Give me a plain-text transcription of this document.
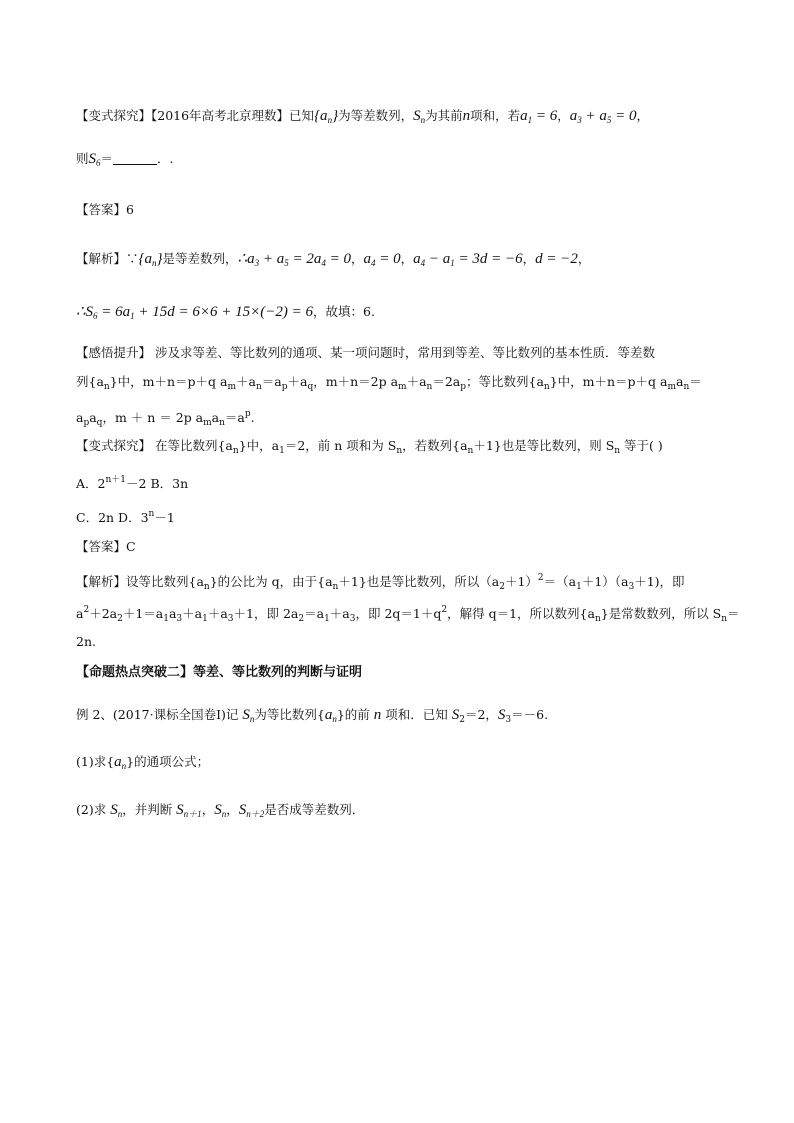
【变式探究】【2016年高考北京理数】已知$\{a_n\}$为等差数列，$S_n$为其前n项和，若$a_1 = 6$，$a_3 + a_5 = 0$，
则$S_6=$	．.
【答案】6
【解析】$\because\{a_n\}$是等差数列，$\therefore a_3 + a_5 = 2a_4 = 0$，$a_4 = 0$，$a_4 - a_1 = 3d = -6$，d = −2，
$\therefore S_6 = 6a_1 + 15d = 6\times 6 + 15\times(-2) = 6$，故填：6.
【感悟提升】 涉及求等差、等比数列的通项、某一项问题时，常用到等差、等比数列的基本性质．等差数
列$\{a_n\}$中，m＋n＝p＋q $a_m+a_n=a_p+a_q$，m＋n＝2p $a_m+a_n=2a_p$；等比数列$\{a_n\}$中，m＋n＝p＋q $a_ma_n=$
$a_pa_q$，m ＋ n ＝ 2p $a_ma_n=a^p$.
【变式探究】 在等比数列$\{a_n\}$中，$a_1=2$，前 n 项和为 $S_n$，若数列$\{a_n+1\}$也是等比数列，则 $S_n$ 等于( )
A．$2^{n+1}-2$ B．3n
C．2n D．$3^n-1$
【答案】C
【解析】设等比数列$\{a_n\}$的公比为 q，由于$\{a_n+1\}$也是等比数列，所以$(a_2+1)^2=(a_1+1)(a_3+1)$，即
$a^2+2a_2+1=a_1a_3+a_1+a_3+1$，即 $2a_2=a_1+a_3$，即 $2q=1+q^2$，解得 q＝1，所以数列$\{a_n\}$是常数数列，所以 $S_n=$
2n.
【命题热点突破二】等差、等比数列的判断与证明
例 2、(2017·课标全国卷Ⅰ)记 $S_n$为等比数列$\{a_n\}$的前 n 项和．已知 $S_2=2$，$S_3=-6$.
(1)求$\{a_n\}$的通项公式；
(2)求 $S_n$，并判断 $S_{n+1}$，$S_n$，$S_{n+2}$是否成等差数列．
